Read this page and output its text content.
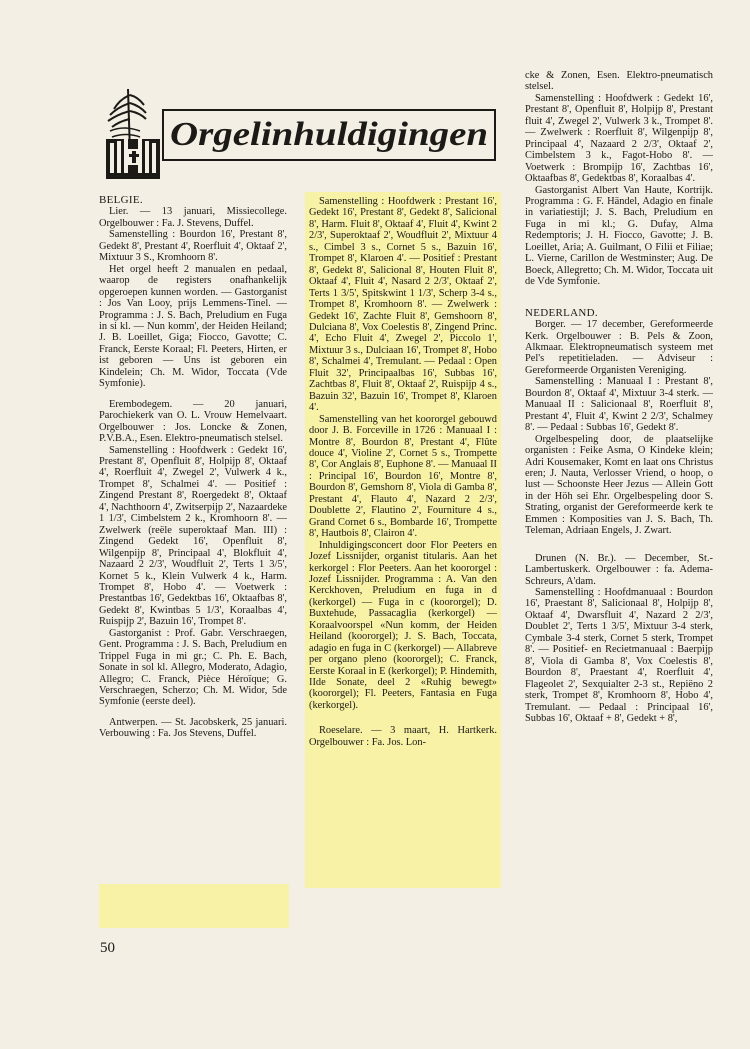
Orgelinhuldigingen

BELGIE.

Lier. — 13 januari, Missiecollege. Orgelbouwer : Fa. J. Stevens, Duffel.

Samenstelling : Bourdon 16', Prestant 8', Gedekt 8', Prestant 4', Roerfluit 4', Oktaaf 2', Mixtuur 3 S., Kromhoorn 8'.

Het orgel heeft 2 manualen en pedaal, waarop de registers onafhankelijk opgeroepen kunnen worden. — Gastorganist : Jos Van Looy, prijs Lemmens-Tinel. — Programma : J. S. Bach, Preludium en Fuga in si kl. — Nun komm', der Heiden Heiland; J. B. Loeillet, Giga; Fiocco, Gavotte; C. Franck, Eerste Koraal; Fl. Peeters, Hirten, er ist geboren — Uns ist geboren ein Kindelein; Ch. M. Widor, Toccata (Vde Symfonie).

Erembodegem. — 20 januari, Parochiekerk van O. L. Vrouw Hemelvaart. Orgelbouwer : Jos. Loncke & Zonen, P.V.B.A., Esen. Elektro-pneumatisch stelsel.

Samenstelling : Hoofdwerk : Gedekt 16', Prestant 8', Openfluit 8', Holpijp 8', Oktaaf 4', Roerfluit 4', Zwegel 2', Vulwerk 4 k., Trompet 8', Schalmei 4'. — Positief : Zingend Prestant 8', Roergedekt 8', Oktaaf 4', Nachthoorn 4', Zwitserpijp 2', Nazaardeke 1 1/3', Cimbelstem 2 k., Kromhoorn 8'. — Zwelwerk (reële superoktaaf Man. III) : Zingend Gedekt 16', Openfluit 8', Wilgenpijp 8', Principaal 4', Blokfluit 4', Nazaard 2 2/3', Woudfluit 2', Terts 1 3/5', Kornet 5 k., Klein Vulwerk 4 k., Harm. Trompet 8', Hobo 4'. — Voetwerk : Prestantbas 16', Gedektbas 16', Oktaafbas 8', Gedekt 8', Kwintbas 5 1/3', Koraalbas 4', Ruispijp 2', Bazuin 16', Trompet 8'.

Gastorganist : Prof. Gabr. Verschraegen, Gent. Programma : J. S. Bach, Preludium en Trippel Fuga in mi gr.; C. Ph. E. Bach, Sonate in sol kl. Allegro, Moderato, Adagio, Allegro; C. Franck, Pièce Héroïque; G. Verschraegen, Scherzo; Ch. M. Widor, 5de Symfonie (eerste deel).

Antwerpen. — St. Jacobskerk, 25 januari. Verbouwing : Fa. Jos Stevens, Duffel.

Samenstelling : Hoofdwerk : Prestant 16', Gedekt 16', Prestant 8', Gedekt 8', Salicional 8', Harm. Fluit 8', Oktaaf 4', Fluit 4', Kwint 2 2/3', Superoktaaf 2', Woudfluit 2', Mixtuur 4 s., Cimbel 3 s., Cornet 5 s., Bazuin 16', Trompet 8', Klaroen 4'. — Positief : Prestant 8', Gedekt 8', Salicional 8', Houten Fluit 8', Oktaaf 4', Fluit 4', Nasard 2 2/3', Oktaaf 2', Terts 1 3/5', Spitskwint 1 1/3', Scherp 3-4 s., Trompet 8', Kromhoorn 8'. — Zwelwerk : Gedekt 16', Zachte Fluit 8', Gemshoorn 8', Dulciana 8', Vox Coelestis 8', Zingend Princ. 4', Echo Fluit 4', Zwegel 2', Piccolo 1', Mixtuur 3 s., Dulciaan 16', Trompet 8', Hobo 8', Schalmei 4', Tremulant. — Pedaal : Open Fluit 32', Principaalbas 16', Subbas 16', Zachtbas 8', Fluit 8', Oktaaf 2', Ruispijp 4 s., Bazuin 32', Bazuin 16', Trompet 8', Klaroen 4'.

Samenstelling van het koororgel gebouwd door J. B. Forceville in 1726 : Manuaal I : Montre 8', Bourdon 8', Prestant 4', Flûte douce 4', Violine 2', Cornet 5 s., Trompette 8', Cor Anglais 8', Euphone 8'. — Manuaal II : Principal 16', Bourdon 16', Montre 8', Bourdon 8', Gemshorn 8', Viola di Gamba 8', Prestant 4', Flauto 4', Nazard 2 2/3', Doublette 2', Flautino 2', Fourniture 4 s., Grand Cornet 6 s., Bombarde 16', Trompette 8', Hautbois 8', Clairon 4'.

Inhuldigingsconcert door Flor Peeters en Jozef Lissnijder, organist titularis. Aan het kerkorgel : Flor Peeters. Aan het koororgel : Jozef Lissnijder. Programma : A. Van den Kerckhoven, Preludium en fuga in d (kerkorgel) — Fuga in c (koororgel); D. Buxtehude, Passacaglia (kerkorgel) — Koraalvoorspel «Nun komm, der Heiden Heiland (koororgel); J. S. Bach, Toccata, adagio en fuga in C (kerkorgel) — Allabreve per organo pleno (koororgel); C. Franck, Eerste Koraal in E (kerkorgel); P. Hindemith, IIde Sonate, deel 2 «Ruhig bewegt» (koororgel); Fl. Peeters, Fantasia en Fuga (kerkorgel).

Roeselare. — 3 maart, H. Hartkerk. Orgelbouwer : Fa. Jos. Lon-

cke & Zonen, Esen. Elektro-pneumatisch stelsel.

Samenstelling : Hoofdwerk : Gedekt 16', Prestant 8', Openfluit 8', Holpijp 8', Prestant fluit 4', Zwegel 2', Vulwerk 3 k., Trompet 8'. — Zwelwerk : Roerfluit 8', Wilgenpijp 8', Principaal 4', Nazaard 2 2/3', Oktaaf 2', Cimbelstem 3 k., Fagot-Hobo 8'. — Voetwerk : Brompijp 16', Zachtbas 16', Oktaafbas 8', Gedektbas 8', Koraalbas 4'.

Gastorganist Albert Van Haute, Kortrijk. Programma : G. F. Händel, Adagio en finale in variatiestijl; J. S. Bach, Preludium en Fuga in mi kl.; G. Dufay, Alma Redemptoris; J. H. Fiocco, Gavotte; J. B. Loeillet, Aria; A. Guilmant, O Filii et Filiae; L. Vierne, Carillon de Westminster; Aug. De Boeck, Allegretto; Ch. M. Widor, Toccata uit de Vde Symfonie.

NEDERLAND.

Borger. — 17 december, Gereformeerde Kerk. Orgelbouwer : B. Pels & Zoon, Alkmaar. Elektropneumatisch systeem met Pel's repetitieladen. — Adviseur : Gereformeerde Organisten Vereniging.

Samenstelling : Manuaal I : Prestant 8', Bourdon 8', Oktaaf 4', Mixtuur 3-4 sterk. — Manuaal II : Salicionaal 8', Roerfluit 8', Prestant 4', Fluit 4', Kwint 2 2/3', Schalmey 8'. — Pedaal : Subbas 16', Gedekt 8'.

Orgelbespeling door, de plaatselijke organisten : Feike Asma, O Kindeke klein; Adri Kousemaker, Komt en laat ons Christus eren; J. Nauta, Verlosser Vriend, o hoop, o lust — Schoonste Heer Jezus — Allein Gott in der Höh sei Ehr. Orgelbespeling door S. Strating, organist der Gereformeerde kerk te Emmen : Komposities van J. S. Bach, Th. Teleman, Adriaan Engels, J. Zwart.

Drunen (N. Br.). — December, St.-Lambertuskerk. Orgelbouwer : fa. Adema-Schreurs, A'dam.

Samenstelling : Hoofdmanuaal : Bourdon 16', Praestant 8', Salicionaal 8', Holpijp 8', Oktaaf 4', Dwarsfluit 4', Nazard 2 2/3', Doublet 2', Terts 1 3/5', Mixtuur 3-4 sterk, Cymbale 3-4 sterk, Cornet 5 sterk, Trompet 8'. — Positief- en Recietmanuaal : Baerpijp 8', Viola di Gamba 8', Vox Coelestis 8', Bourdon 8', Praestant 4', Roerfluit 4', Flageolet 2', Sexquialter 2-3 st., Repiëno 2 sterk, Trompet 8', Kromhoorn 8', Hobo 4', Tremulant. — Pedaal : Principaal 16', Subbas 16', Oktaaf + 8', Gedekt + 8',

50
